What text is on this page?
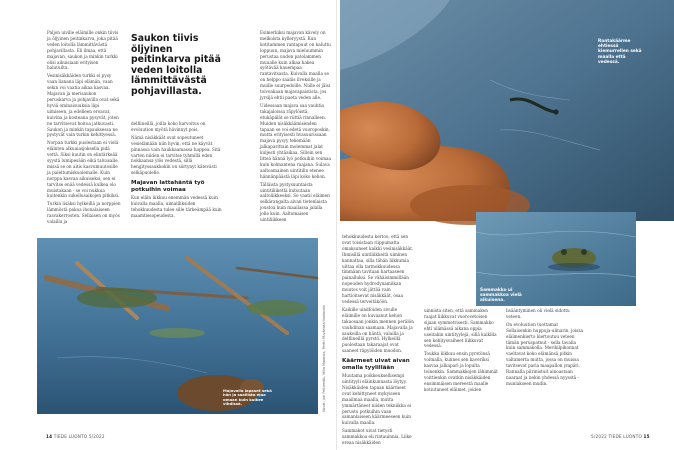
Paljon uiville eläimille onkin tiivis ja öljyinen peitinkarva, joka pitää veden loitolla lämmittävästä pohjavillasta. Eli ilmaa, että majavan, saukon ja minkin turkki olisi aikuisiaan erityisen halutuilta.

Vesinisäkkäiden turkki ei pysy vaan lianana läpi elämän, vaan sekin voi vaatia aikaa kasvaa. Majavan ja merisaukon peruskarva ja pohjavilla ovat sekä hyviä ominaisuuksia läpi uimiseen, ja edelleen eroavat, kuivina ja kosteana pysyvät, joten ne tarvitsevat hoitoa jatkuvasti. Saukon ja minkin tapauksessa ne pystyvät vain turkin kehittyessä.

Norpan turkki puolestaan ei vielä eläinten alkuaiasjoksella pidä vettä. Siksi kuutin on elintärkeää syystä lumipesään eikä talvasalle, missä se on aitis kasvumuutosille ja paleltumiskuolemalle. Kuin norppa kasvaa aikuiseksi, sen ei tarvitse enää vedessä kulkea olo muistakaan - se voi nukkua kuitenkin sukellusaikojen pitkiksi.

Turkin lisäksi hylkeillä ja norppien lämmöstä pakoa ihonalaiseen rasvakerrosten. Sellaisen on myös valailla ja

Saukon tiivis öljyinen peitinkarva pitää veden loitolla lämmittävästä pohjavillasta.

delfiineillä, joilla koko karvoitus on evoluution myötä hävinnyt pois.

Nämä nisäkkäät ovat sopeutuneet vesielämään niin hyvin, että ne käyvät pinnassa vain haukkaamassa happea. Sitä varten niiden ei tarvitse tyhmillä eden nokkaansa ylös vedestä, sillä hengityssaukkokin on siirtynyt kätevästi selkäpuolelle.

Majavan lattahäntä työ potkuihin voimaa

Kun eläin liikkuu enemmän vedessä kuin kuivalla maalla, uimalihksiden tehokkuudesta tulee sille tärkeämpää kuin maamtiesopeudesta.

Rantakäärme ehtiessä kiemurrellen sekä maalla että vedessä.

Esimerkiksi majavan kävely on melkoista kylleryystä. Kun kotitammen rantapuut on kaluttu loppuun, majava mieluummin perustaa uuden patolammen muualle kuin alkaa hakea syötävää kauempaa rantavitsasta. Kuivalla maalla se on helppo saaliis ilveksille ja muille suurpedoille. Niille ei jäisi toivoakaan majavapaistista, jos jyrsijä ehtii paeta veden alle.

Uidessaan majava saa vauhtia takajaloissa räpylöistä, etukäpälät se riittiä rinnalleen. Muiden nisäkkäämisenden tapaan se voi edetä vuoroposkin, mutta erityisesti hvasuurissaan majava pysyy tekemään jalkaparittain molemmat jalat kuljesti yhtäaikaa. Silloin sen litteä hännä lyö potkuihin voimaa kuin kolmantena raajana. Sulava aaltoamainen uintitilin etenee hännänpäästä läpi koko kehon.

Tälläista pystysuuntaista uintitiliikettä kutsutaan aaltoliikkeeksi. Se vaatii eläimen selkärangalta aivan tietenlaista joustoa kuin maailassa jalalla jolle kuin. Aaltomaisen uintiliikkeen

Majavalla lapaset sekä hän ja saaliista ejaa omaan kuin kulkee vihdissä.	Kuvat: Jari Peltomäki, Milla Mannola, Pertti Päivärinta/Vastavalo
Sammakko ui sammakkoa vielä aikuisena.

tehokkuudesta kertoo, että sen ovat toisistaan riippumatta omaksuneet kaikki vesinisäkkäät. Ihmisillä uintiliikkeitä uiminen kannattaa, silla tähän liikkumia uittaa olla tarmokkuudessa timmänn tavitaan hartaaseen painalluksi. Se vähäisimmillään nopeuden hydrodynamiikan muutos voit jättää vain hartioitsevat nisäkkäät, osaa vedessä terveitäköön.

Kaikille uindfoiden sivulle eläimille on kuvaanut kehon takaosaan jonkin mennen perälön vauhdinan saamaan. Majavalla ja saukoilla on häntä, valailla ja delfiineillä pyrstö. Hylkeillä puolestaan takaraajat ovat saaneet räpylöiden muodon.

Käärmeet uivat aivan omalla tyylillään

Muutama poikkeuksellisempi uintityyli eläinkunnasta löytyy. Nisäkkäiden tapaan käärmeet ovat kehittyneet mykyiseen maailmaa maalla, mutta ymmärtäneet niiden tekniikka ei perustu potkuihin vaan samanlaiseen käärmeeseen kuin kuivalla maalla.

Sammakot uivat tietysti sammakkoa eli rintauinnia. Liike ereaa nisäkkäiden

uinnista siten, että sammakon raajat liikkuvat vuorovetoisen sijaan symmetrisesti. Sammakko ehti ulämässä aikana oppia useitakin uintityylejä, sillä kaikilla sen kehitysvaiheet liikkuvat vedessä.

Toukka liikkuu ensin pyrstönsä voimalla, kunnes sen kaveriksi kasvaa jalkapari ja lopulta toinenkin. Sammakkojen lähimmät voittienkin ovatkin nisäkkäiden ensimmäisen mereestä maalle kotiutuneet eläimet, joiden

lisääntyminen oli vielä sidottu veteen.

On evoluution tuottamat Sellaisenkin huppuja-ulinarin, joissa eläimenkierto kiertoutuu veteen tämän peruspatnut - sella tavalla kuin sammakolla. Merikilpikonnat vaeltavat koko elämänsä pitkin valtamerta mutta, jossa on muissa tavitsevat paria maapallon ympäri. Rannalla piirinistuit ainoastaan naaraat ja nekin yhdessä nyysstä - munlakseen mudin.

14 TIEDE LUONTO 5/2022	5/2022 TIEDE LUONTO 15
